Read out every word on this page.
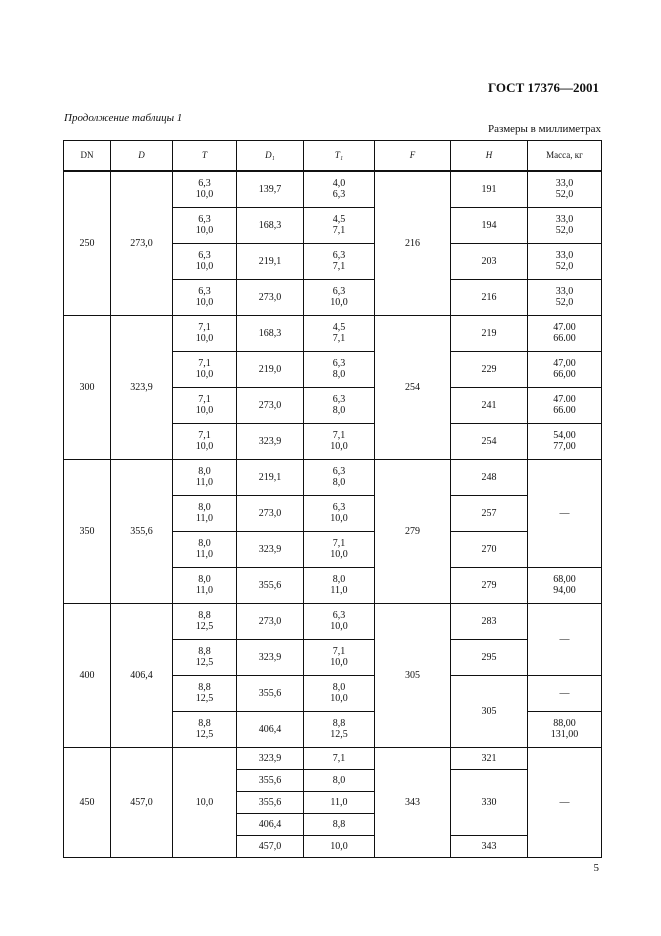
ГОСТ 17376—2001
Продолжение таблицы 1
Размеры в миллиметрах
DN	D	T	D₁	T₁	F	H	Масса, кг
250	273,0	6,3
10,0	139,7	4,0
6,3	216	191	33,0
52,0
6,3
10,0	168,3	4,5
7,1	194	33,0
52,0
6,3
10,0	219,1	6,3
7,1	203	33,0
52,0
6,3
10,0	273,0	6,3
10,0	216	33,0
52,0
300	323,9	7,1
10,0	168,3	4,5
7,1	254	219	47.00
66.00
7,1
10,0	219,0	6,3
8,0	229	47,00
66,00
7,1
10,0	273,0	6,3
8,0	241	47.00
66.00
7,1
10,0	323,9	7,1
10,0	254	54,00
77,00
350	355,6	8,0
11,0	219,1	6,3
8,0	279	248	—
8,0
11,0	273,0	6,3
10,0	257
8,0
11,0	323,9	7,1
10,0	270
8,0
11,0	355,6	8,0
11,0	279	68,00
94,00
400	406,4	8,8
12,5	273,0	6,3
10,0	305	283	—
8,8
12,5	323,9	7,1
10,0	295
8,8
12,5	355,6	8,0
10,0	305	—
8,8
12,5	406,4	8,8
12,5	88,00
131,00
450	457,0	10,0	323,9	7,1	343	321	—
355,6	8,0	330
355,6	11,0
406,4	8,8
457,0	10,0	343
5
